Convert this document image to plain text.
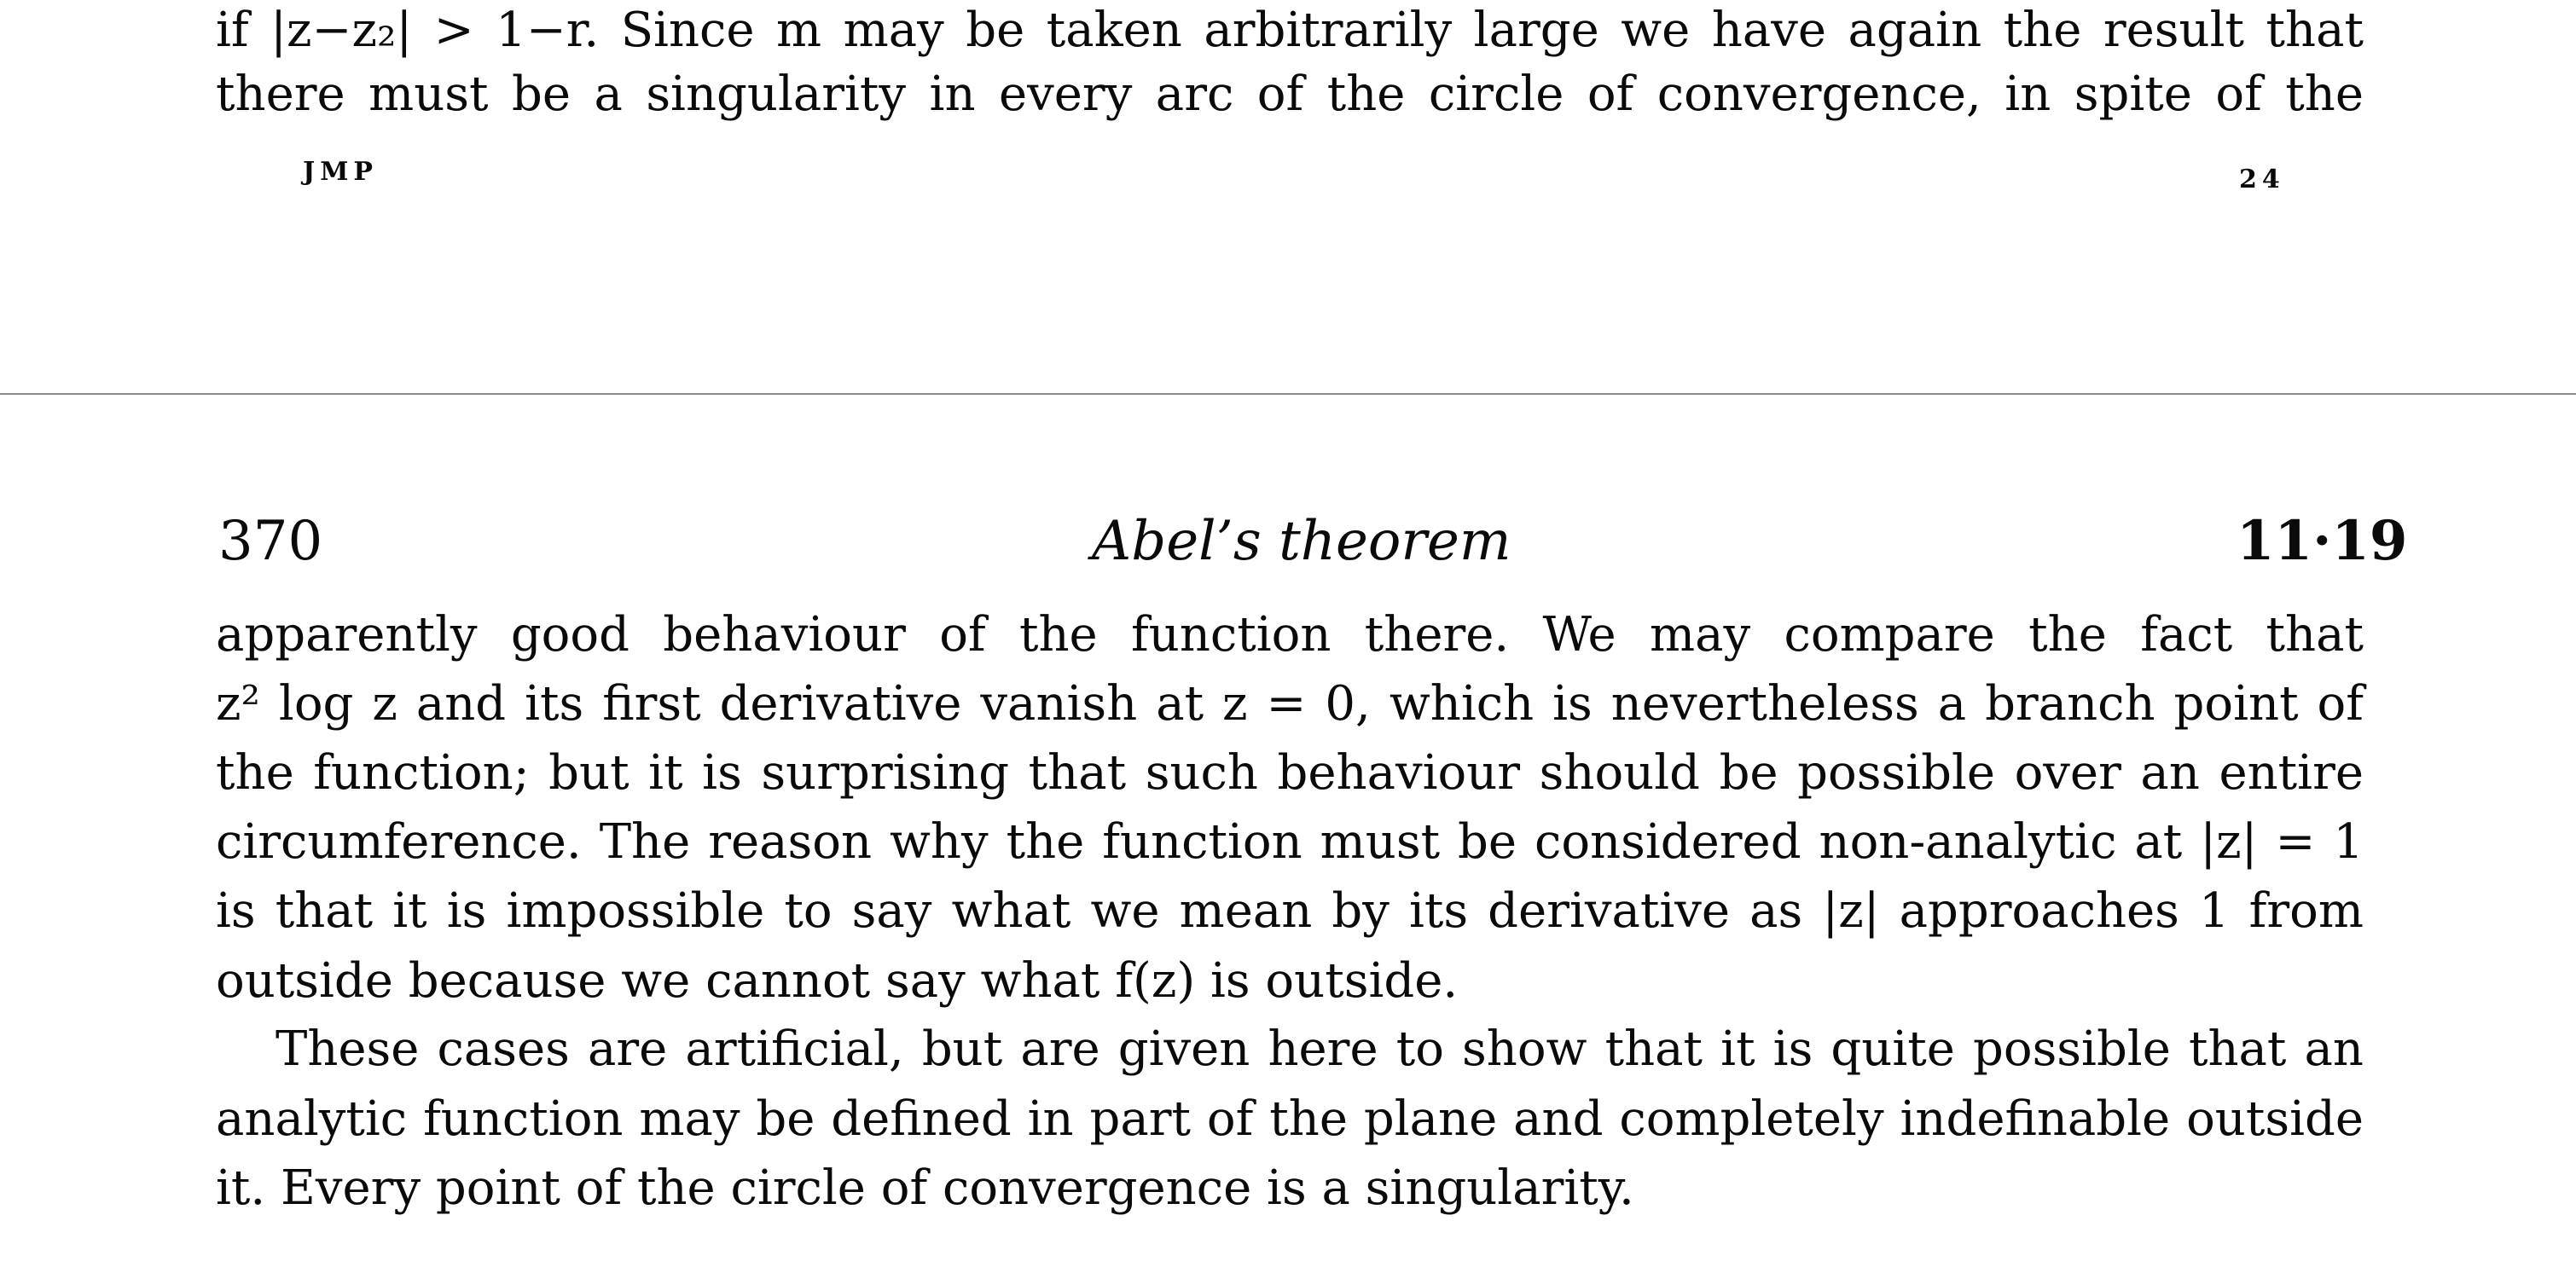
if |z−z₂| > 1−r. Since m may be taken arbitrarily large we have again the result that
there must be a singularity in every arc of the circle of convergence, in spite of the
JMP	24
370	Abel’s theorem	11·19
apparently good behaviour of the function there. We may compare the fact that
z² log z and its first derivative vanish at z = 0, which is nevertheless a branch point of
the function; but it is surprising that such behaviour should be possible over an entire
circumference. The reason why the function must be considered non-analytic at |z| = 1
is that it is impossible to say what we mean by its derivative as |z| approaches 1 from
outside because we cannot say what f(z) is outside.
These cases are artificial, but are given here to show that it is quite possible that an
analytic function may be defined in part of the plane and completely indefinable outside
it. Every point of the circle of convergence is a singularity.
